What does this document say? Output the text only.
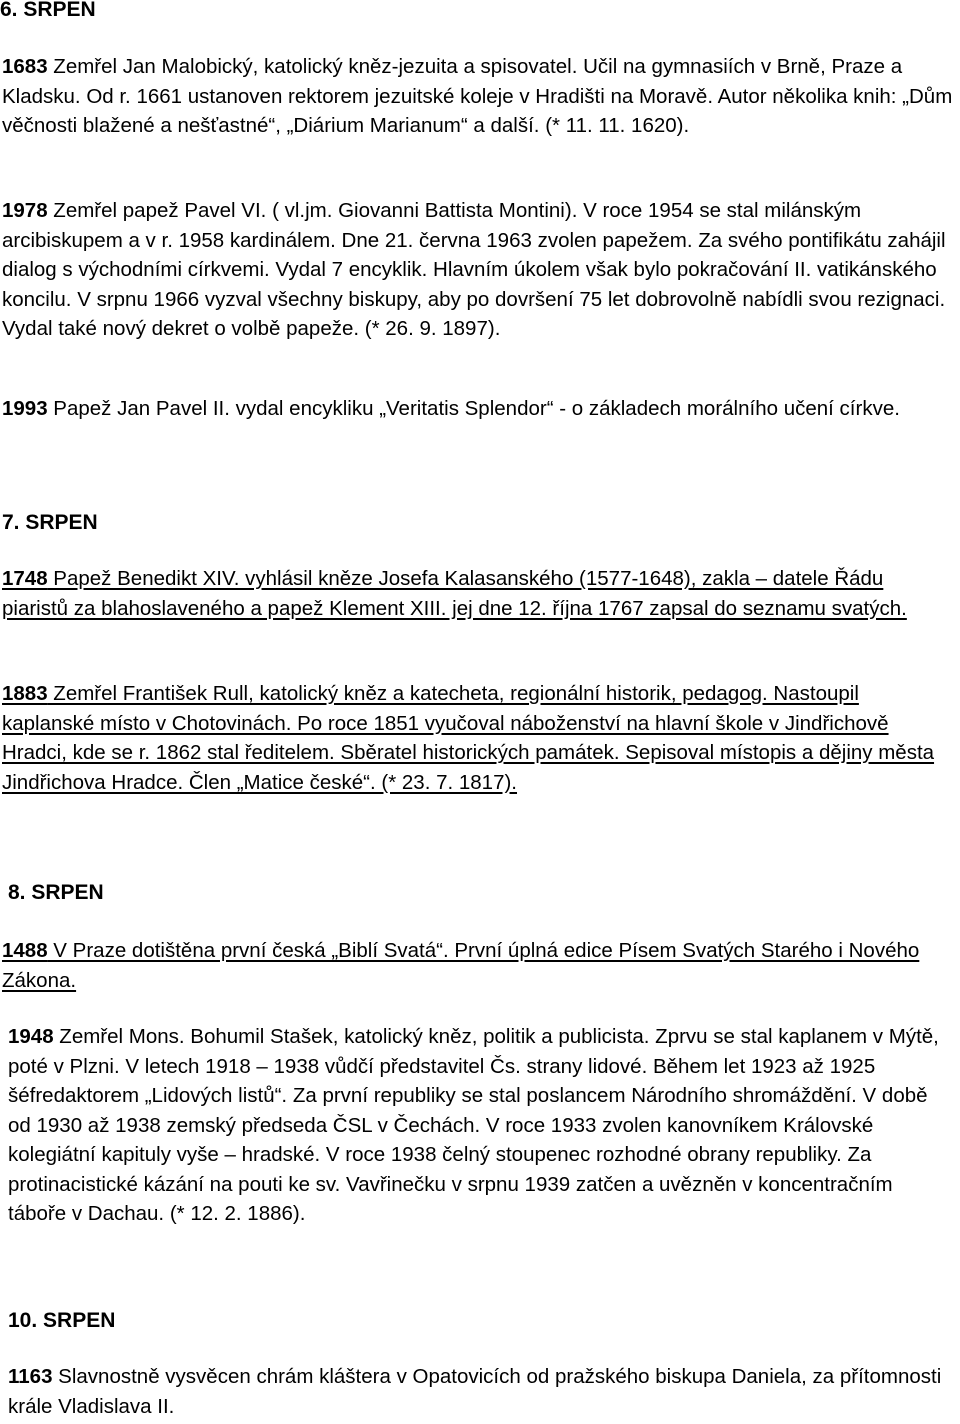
6. SRPEN

1683 Zemřel Jan Malobický, katolický kněz-jezuita a spisovatel. Učil na gymnasiích v Brně, Praze a Kladsku. Od r. 1661 ustanoven rektorem jezuitské koleje v Hradišti na Moravě. Autor několika knih: „Dům věčnosti blažené a nešťastné“, „Diárium Marianum“ a další. (* 11. 11. 1620).

1978 Zemřel papež Pavel VI. ( vl.jm. Giovanni Battista Montini). V roce 1954 se stal milánským arcibiskupem a v r. 1958 kardinálem. Dne 21. června 1963 zvolen papežem. Za svého pontifikátu zahájil dialog s východními církvemi. Vydal 7 encyklik. Hlavním úkolem však bylo pokračování II. vatikánského koncilu. V srpnu 1966 vyzval všechny biskupy, aby po dovršení 75 let dobrovolně nabídli svou rezignaci. Vydal také nový dekret o volbě papeže. (* 26. 9. 1897).

1993 Papež Jan Pavel II. vydal encykliku „Veritatis Splendor“ - o základech morálního učení církve.

7. SRPEN

1748 Papež Benedikt XIV. vyhlásil kněze Josefa Kalasanského (1577-1648), zakla – datele Řádu piaristů za blahoslaveného a papež Klement XIII. jej dne 12. října 1767 zapsal do seznamu svatých.

1883 Zemřel František Rull, katolický kněz a katecheta, regionální historik, pedagog. Nastoupil kaplanské místo v Chotovinách. Po roce 1851 vyučoval náboženství na hlavní škole v Jindřichově Hradci, kde se r. 1862 stal ředitelem. Sběratel historických památek. Sepisoval místopis a dějiny města Jindřichova Hradce. Člen „Matice české“. (* 23. 7. 1817).

8. SRPEN

1488 V Praze dotištěna první česká „Biblí Svatá“. První úplná edice Písem Svatých Starého i Nového Zákona.

1948 Zemřel Mons. Bohumil Stašek, katolický kněz, politik a publicista. Zprvu se stal kaplanem v Mýtě, poté v Plzni. V letech 1918 – 1938 vůdčí představitel Čs. strany lidové. Během let 1923 až 1925 šéfredaktorem „Lidových listů“. Za první republiky se stal poslancem Národního shromáždění. V době od 1930 až 1938 zemský předseda ČSL v Čechách. V roce 1933 zvolen kanovníkem Královské kolegiátní kapituly vyše – hradské. V roce 1938 čelný stoupenec rozhodné obrany republiky. Za protinacistické kázání na pouti ke sv. Vavřinečku v srpnu 1939 zatčen a uvězněn v koncentračním táboře v Dachau. (* 12. 2. 1886).

10. SRPEN

1163 Slavnostně vysvěcen chrám kláštera v Opatovicích od pražského biskupa Daniela, za přítomnosti krále Vladislava II.
